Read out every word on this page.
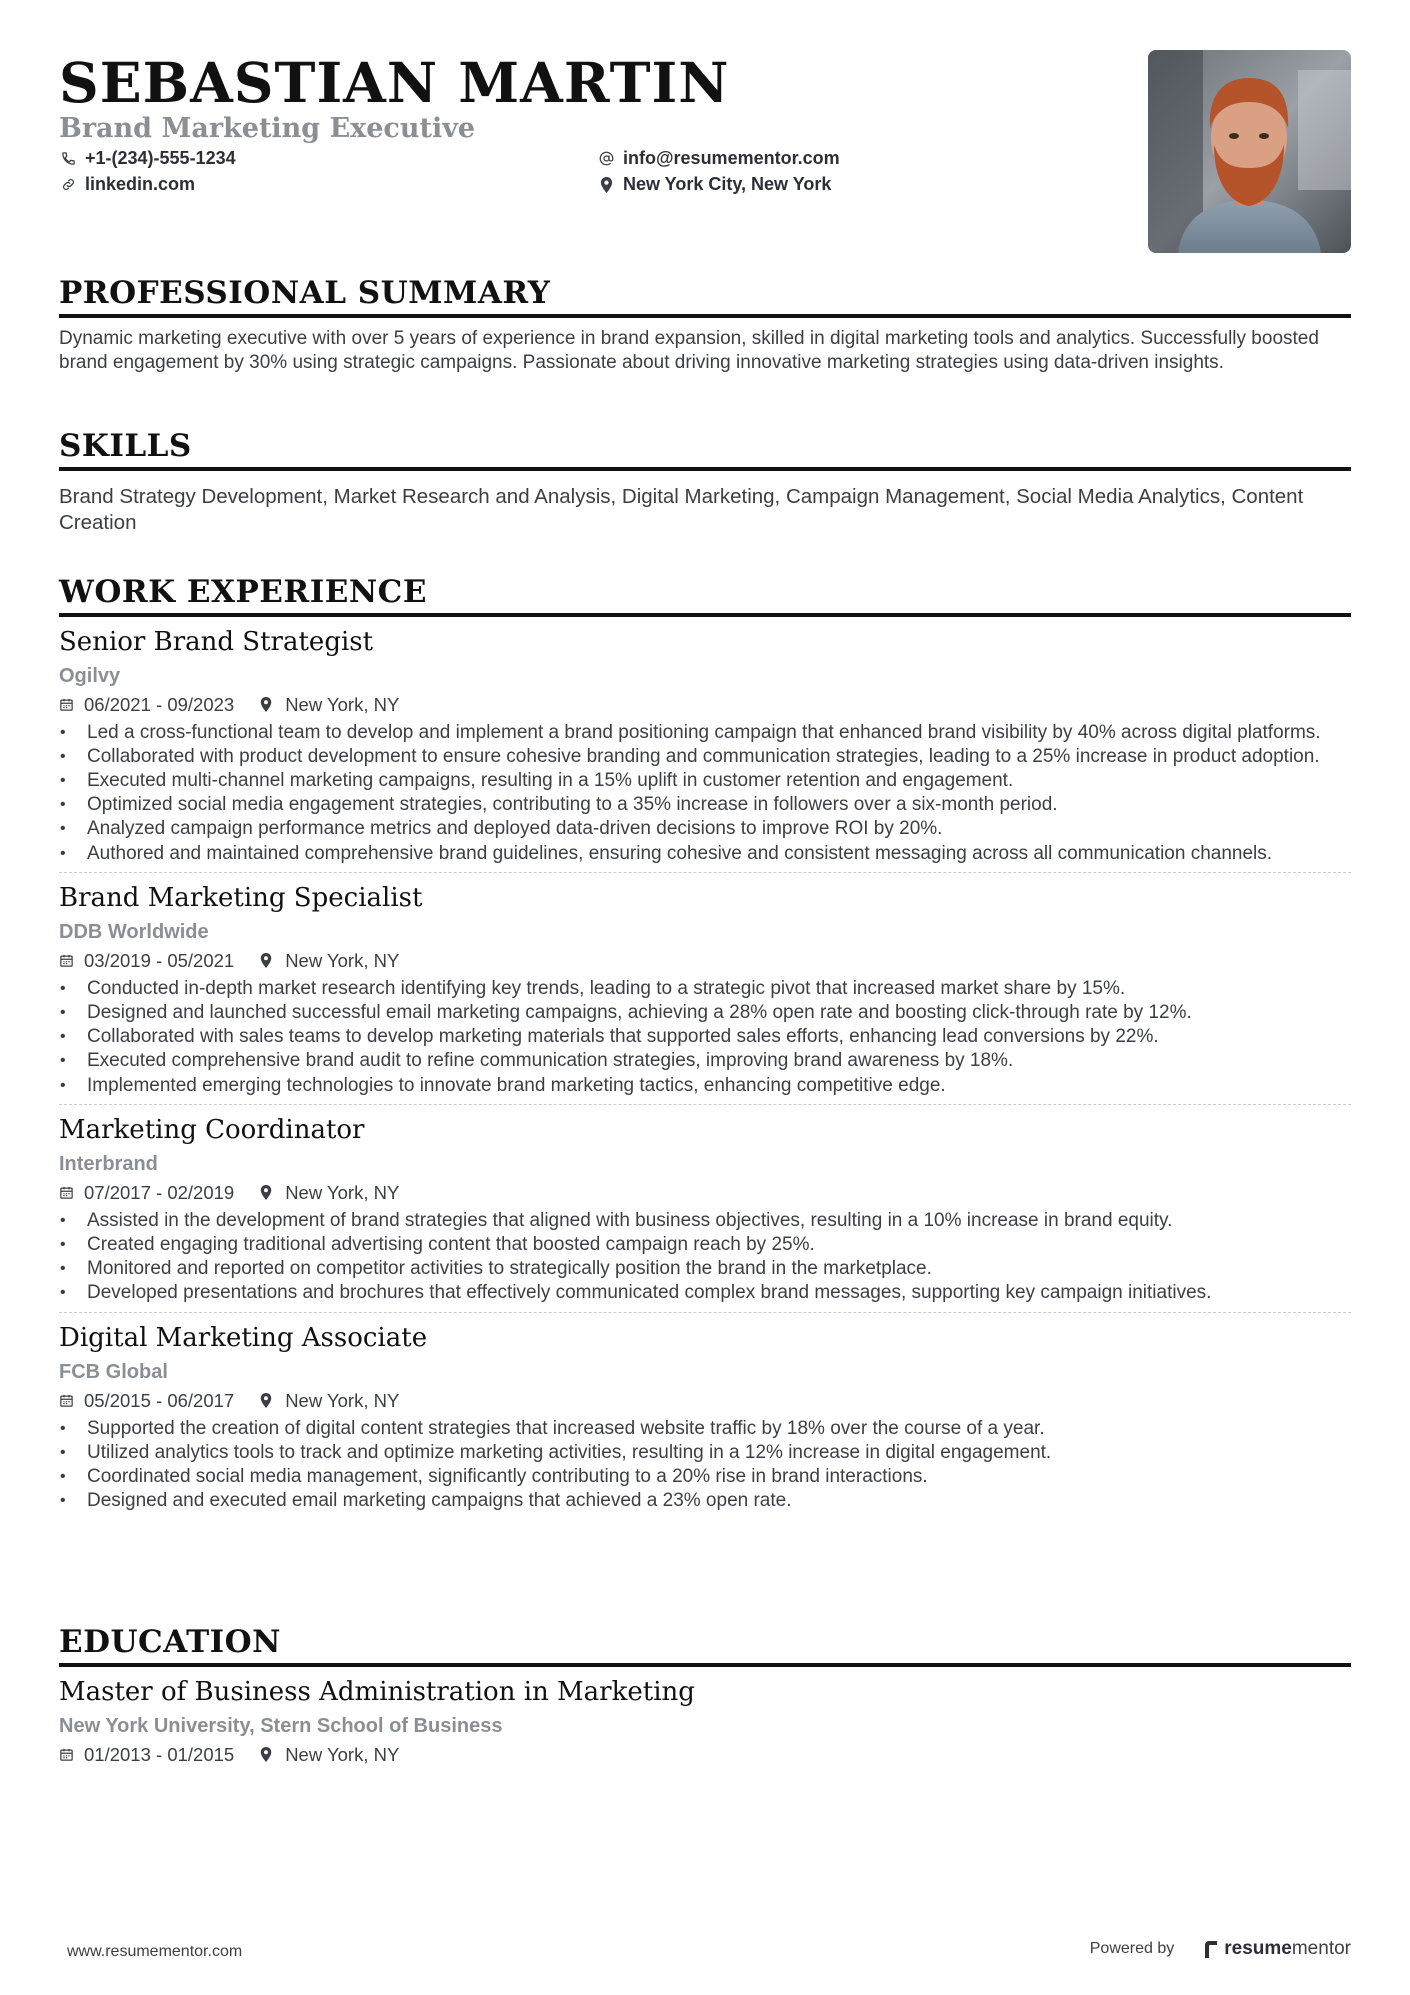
SEBASTIAN MARTIN
Brand Marketing Executive
+1-(234)-555-1234
linkedin.com
info@resumementor.com
New York City, New York
PROFESSIONAL SUMMARY

Dynamic marketing executive with over 5 years of experience in brand expansion, skilled in digital marketing tools and analytics. Successfully boosted brand engagement by 30% using strategic campaigns. Passionate about driving innovative marketing strategies using data-driven insights.

SKILLS

Brand Strategy Development, Market Research and Analysis, Digital Marketing, Campaign Management, Social Media Analytics, Content Creation

WORK EXPERIENCE
Senior Brand Strategist
Ogilvy
06/2021 - 09/2023	New York, NY
• Led a cross-functional team to develop and implement a brand positioning campaign that enhanced brand visibility by 40% across digital platforms.
• Collaborated with product development to ensure cohesive branding and communication strategies, leading to a 25% increase in product adoption.
• Executed multi-channel marketing campaigns, resulting in a 15% uplift in customer retention and engagement.
• Optimized social media engagement strategies, contributing to a 35% increase in followers over a six-month period.
• Analyzed campaign performance metrics and deployed data-driven decisions to improve ROI by 20%.
• Authored and maintained comprehensive brand guidelines, ensuring cohesive and consistent messaging across all communication channels.
Brand Marketing Specialist
DDB Worldwide
03/2019 - 05/2021	New York, NY
• Conducted in-depth market research identifying key trends, leading to a strategic pivot that increased market share by 15%.
• Designed and launched successful email marketing campaigns, achieving a 28% open rate and boosting click-through rate by 12%.
• Collaborated with sales teams to develop marketing materials that supported sales efforts, enhancing lead conversions by 22%.
• Executed comprehensive brand audit to refine communication strategies, improving brand awareness by 18%.
• Implemented emerging technologies to innovate brand marketing tactics, enhancing competitive edge.
Marketing Coordinator
Interbrand
07/2017 - 02/2019	New York, NY
• Assisted in the development of brand strategies that aligned with business objectives, resulting in a 10% increase in brand equity.
• Created engaging traditional advertising content that boosted campaign reach by 25%.
• Monitored and reported on competitor activities to strategically position the brand in the marketplace.
• Developed presentations and brochures that effectively communicated complex brand messages, supporting key campaign initiatives.
Digital Marketing Associate
FCB Global
05/2015 - 06/2017	New York, NY
• Supported the creation of digital content strategies that increased website traffic by 18% over the course of a year.
• Utilized analytics tools to track and optimize marketing activities, resulting in a 12% increase in digital engagement.
• Coordinated social media management, significantly contributing to a 20% rise in brand interactions.
• Designed and executed email marketing campaigns that achieved a 23% open rate.
EDUCATION
Master of Business Administration in Marketing
New York University, Stern School of Business
01/2013 - 01/2015	New York, NY
www.resumementor.com	Powered by	resume mentor
